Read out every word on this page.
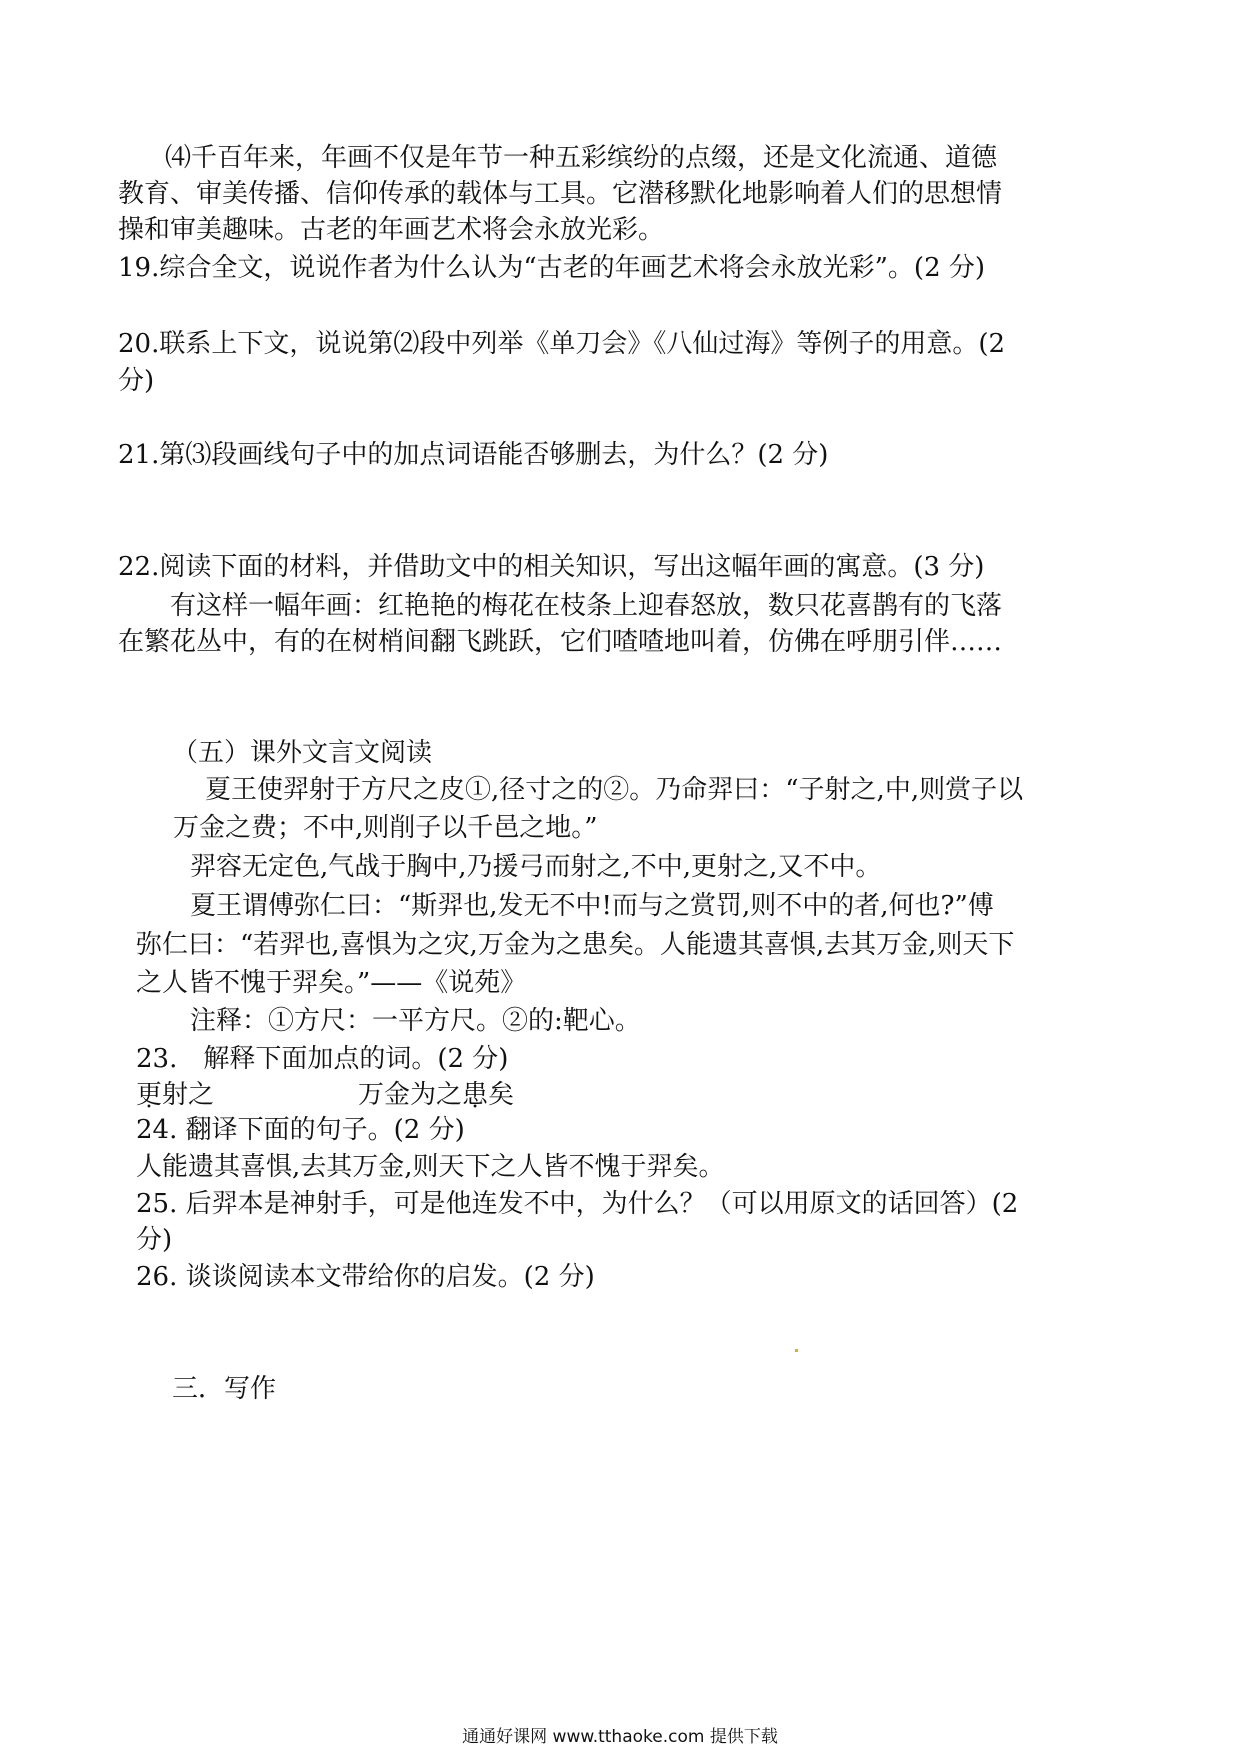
⑷千百年来，年画不仅是年节一种五彩缤纷的点缀，还是文化流通、道德
教育、审美传播、信仰传承的载体与工具。它潜移默化地影响着人们的思想情
操和审美趣味。古老的年画艺术将会永放光彩。
19.综合全文，说说作者为什么认为“古老的年画艺术将会永放光彩”。(2 分)
20.联系上下文，说说第⑵段中列举《单刀会》《八仙过海》等例子的用意。(2
分)
21.第⑶段画线句子中的加点词语能否够删去，为什么？(2 分)
22.阅读下面的材料，并借助文中的相关知识，写出这幅年画的寓意。(3 分)
有这样一幅年画：红艳艳的梅花在枝条上迎春怒放，数只花喜鹊有的飞落
在繁花丛中，有的在树梢间翻飞跳跃，它们喳喳地叫着，仿佛在呼朋引伴……
（五）课外文言文阅读
夏王使羿射于方尺之皮①,径寸之的②。乃命羿曰：“子射之,中,则赏子以
万金之费；不中,则削子以千邑之地。”
羿容无定色,气战于胸中,乃援弓而射之,不中,更射之,又不中。
夏王谓傅弥仁曰：“斯羿也,发无不中!而与之赏罚,则不中的者,何也?”傅
弥仁曰：“若羿也,喜惧为之灾,万金为之患矣。人能遗其喜惧,去其万金,则天下
之人皆不愧于羿矣。”——《说苑》
注释：①方尺：一平方尺。②的:靶心。
23.　解释下面加点的词。(2 分)
更射之	万金为之患矣
24. 翻译下面的句子。(2 分)
人能遗其喜惧,去其万金,则天下之人皆不愧于羿矣。
25. 后羿本是神射手，可是他连发不中，为什么？（可以用原文的话回答）(2
分)
26. 谈谈阅读本文带给你的启发。(2 分)
三．写作
通通好课网 www.tthaoke.com 提供下载
